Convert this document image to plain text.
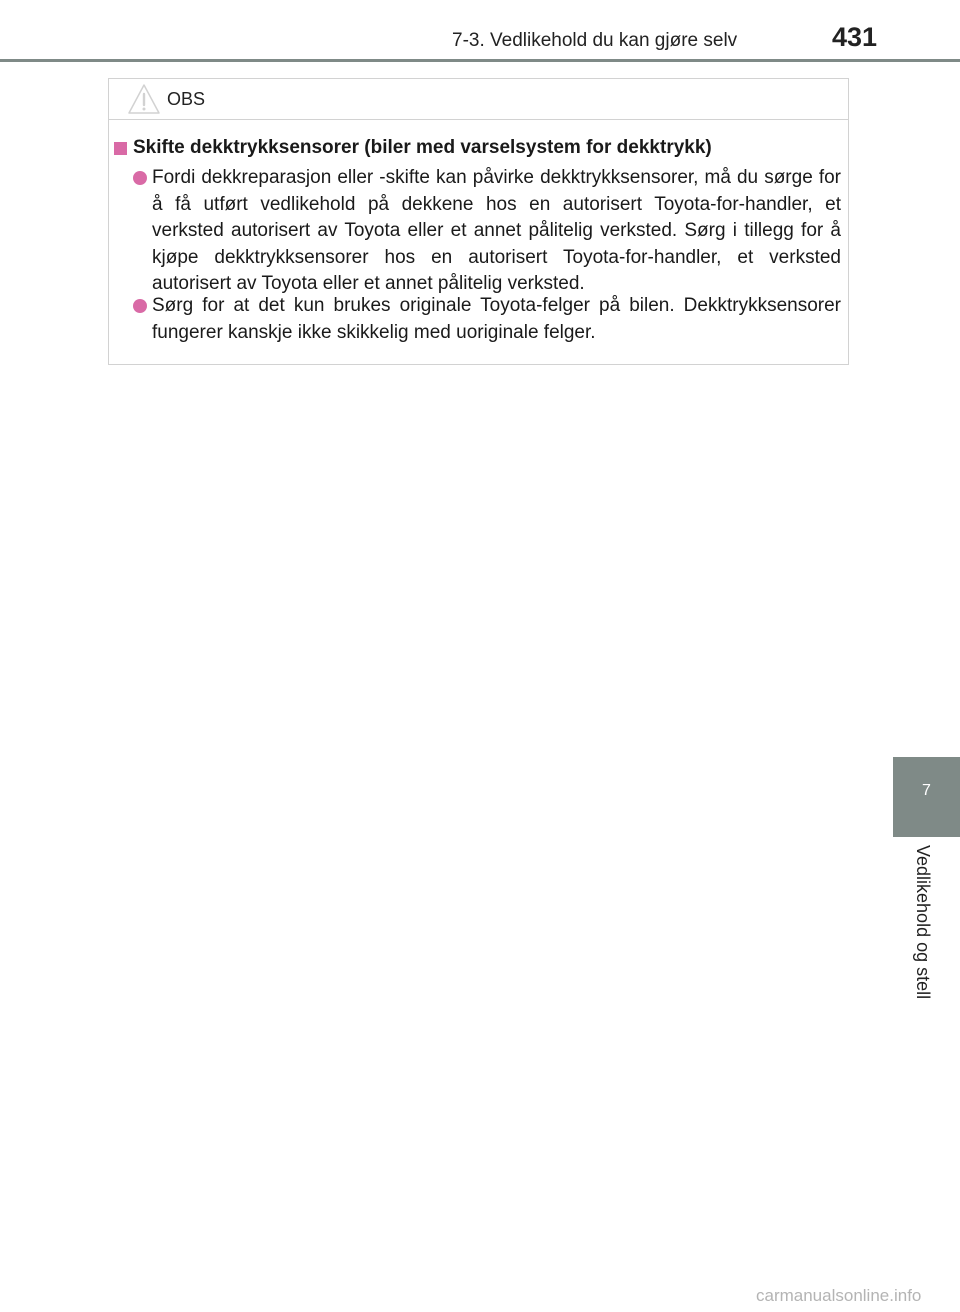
7-3. Vedlikehold du kan gjøre selv	431
OBS
Skifte dekktrykksensorer (biler med varselsystem for dekktrykk)
Fordi dekkreparasjon eller -skifte kan påvirke dekktrykksensorer, må du sørge for å få utført vedlikehold på dekkene hos en autorisert Toyota-for-handler, et verksted autorisert av Toyota eller et annet pålitelig verksted. Sørg i tillegg for å kjøpe dekktrykksensorer hos en autorisert Toyota-for-handler, et verksted autorisert av Toyota eller et annet pålitelig verksted.
Sørg for at det kun brukes originale Toyota-felger på bilen. Dekktrykksensorer fungerer kanskje ikke skikkelig med uoriginale felger.
7
Vedlikehold og stell
carmanualsonline.info
